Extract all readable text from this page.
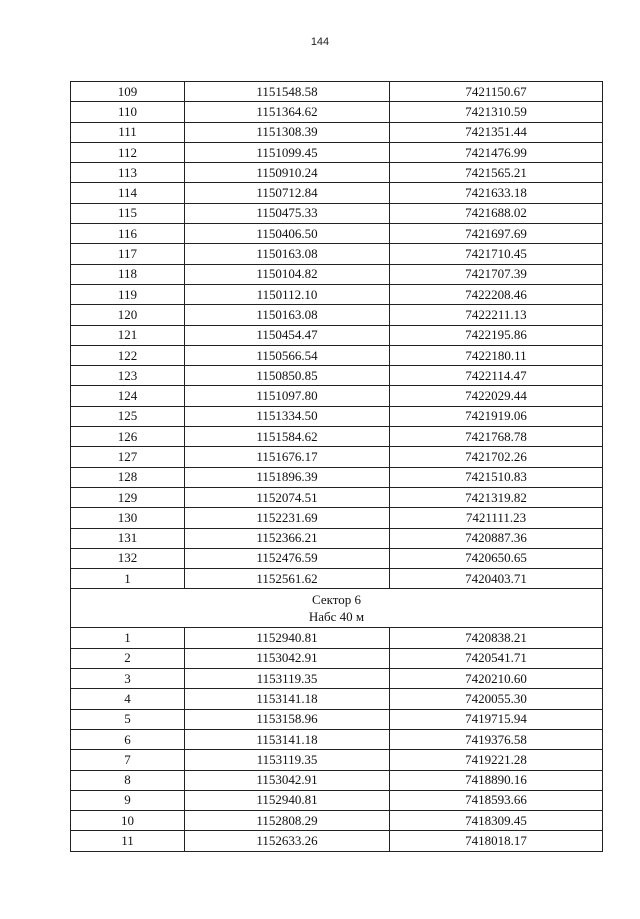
144
109	1151548.58	7421150.67
110	1151364.62	7421310.59
111	1151308.39	7421351.44
112	1151099.45	7421476.99
113	1150910.24	7421565.21
114	1150712.84	7421633.18
115	1150475.33	7421688.02
116	1150406.50	7421697.69
117	1150163.08	7421710.45
118	1150104.82	7421707.39
119	1150112.10	7422208.46
120	1150163.08	7422211.13
121	1150454.47	7422195.86
122	1150566.54	7422180.11
123	1150850.85	7422114.47
124	1151097.80	7422029.44
125	1151334.50	7421919.06
126	1151584.62	7421768.78
127	1151676.17	7421702.26
128	1151896.39	7421510.83
129	1152074.51	7421319.82
130	1152231.69	7421111.23
131	1152366.21	7420887.36
132	1152476.59	7420650.65
1	1152561.62	7420403.71

Сектор 6
Набс 40 м		

1	1152940.81	7420838.21
2	1153042.91	7420541.71
3	1153119.35	7420210.60
4	1153141.18	7420055.30
5	1153158.96	7419715.94
6	1153141.18	7419376.58
7	1153119.35	7419221.28
8	1153042.91	7418890.16
9	1152940.81	7418593.66
10	1152808.29	7418309.45
11	1152633.26	7418018.17
